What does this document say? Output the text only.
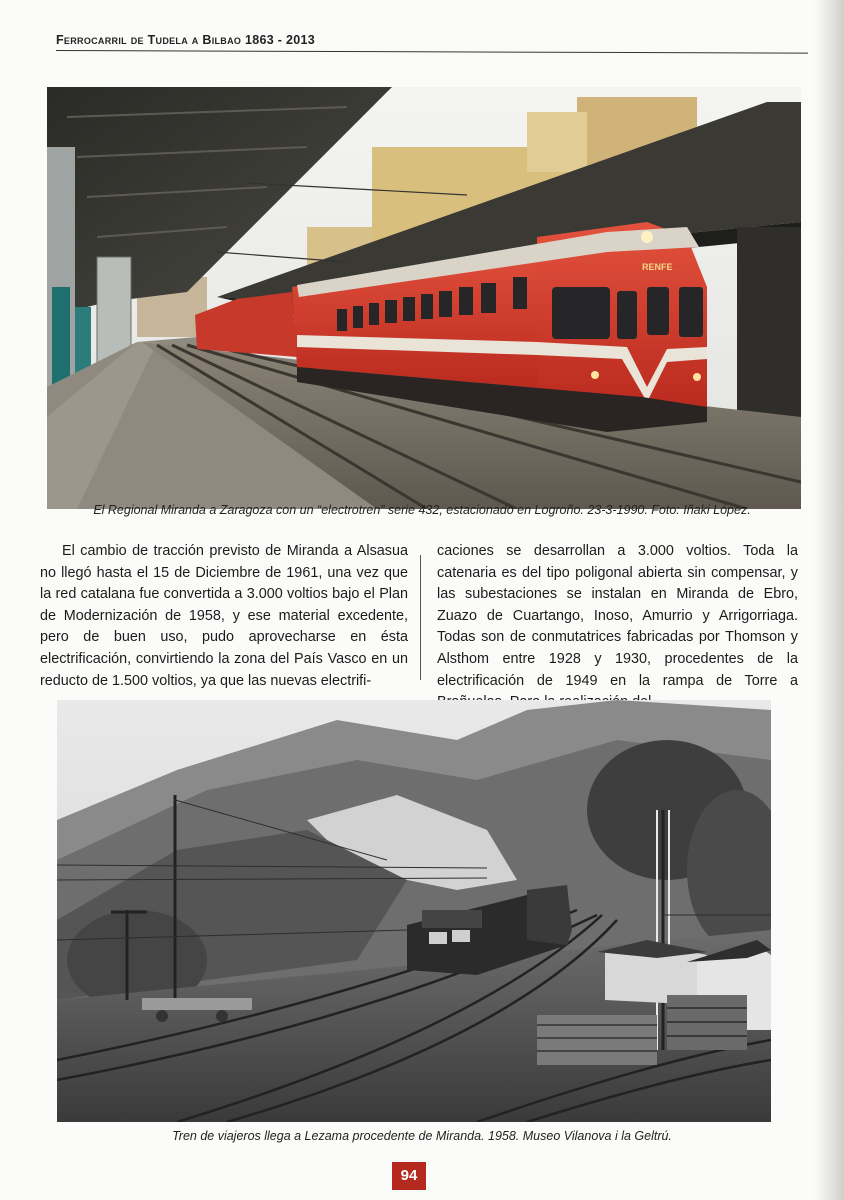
Ferrocarril de Tudela a Bilbao 1863 - 2013
RENFE
El Regional Miranda a Zaragoza con un “electrotren” serie 432, estacionado en Logroño. 23-3-1990. Foto: Iñaki López.

El cambio de tracción previsto de Miranda a Alsasua no llegó hasta el 15 de Diciembre de 1961, una vez que la red catalana fue convertida a 3.000 voltios bajo el Plan de Modernización de 1958, y ese material excedente, pero de buen uso, pudo aprovecharse en ésta electrificación, convirtiendo la zona del País Vasco en un reducto de 1.500 voltios, ya que las nuevas electrifi-

caciones se desarrollan a 3.000 voltios. Toda la catenaria es del tipo poligonal abierta sin compensar, y las subestaciones se instalan en Miranda de Ebro, Zuazo de Cuartango, Inoso, Amurrio y Arrigorriaga. Todas son de conmutatrices fabricadas por Thomson y Alsthom entre 1928 y 1930, procedentes de la electrificación de 1949 en la rampa de Torre a

Tren de viajeros llega a Lezama procedente de Miranda. 1958. Museo Vilanova i la Geltrú.
94
